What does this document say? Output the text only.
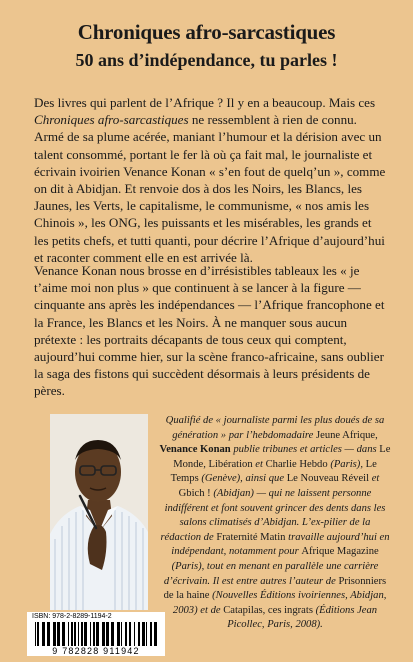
Chroniques afro-sarcastiques
50 ans d’indépendance, tu parles !

Des livres qui parlent de l’Afrique ? Il y en a beaucoup. Mais ces Chroniques afro-sarcastiques ne ressemblent à rien de connu. Armé de sa plume acérée, maniant l’humour et la dérision avec un talent consommé, portant le fer là où ça fait mal, le journaliste et écrivain ivoirien Venance Konan « s’en fout de quelq’un », comme on dit à Abidjan. Et renvoie dos à dos les Noirs, les Blancs, les Jaunes, les Verts, le capitalisme, le communisme, « nos amis les Chinois », les ONG, les puissants et les misérables, les grands et les petits chefs, et tutti quanti, pour décrire l’Afrique d’aujourd’hui et raconter comment elle en est arrivée là.

Venance Konan nous brosse en d’irrésistibles tableaux les « je t’aime moi non plus » que continuent à se lancer à la figure — cinquante ans après les indépendances — l’Afrique francophone et la France, les Blancs et les Noirs. À ne manquer sous aucun prétexte : les portraits décapants de tous ceux qui comptent, aujourd’hui comme hier, sur la scène franco-africaine, sans oublier la saga des fistons qui succèdent désormais à leurs présidents de pères.

Qualifié de « journaliste parmi les plus doués de sa génération » par l’hebdomadaire Jeune Afrique, Venance Konan publie tribunes et articles — dans Le Monde, Libération et Charlie Hebdo (Paris), Le Temps (Genève), ainsi que Le Nouveau Réveil et Gbich ! (Abidjan) — qui ne laissent personne indifférent et font souvent grincer des dents dans les salons climatisés d’Abidjan. L’ex-pilier de la rédaction de Fraternité Matin travaille aujourd’hui en indépendant, notamment pour Afrique Magazine (Paris), tout en menant en parallèle une carrière d’écrivain. Il est entre autres l’auteur de Prisonniers de la haine (Nouvelles Éditions ivoiriennes, Abidjan, 2003) et de Catapilas, ces ingrats (Éditions Jean Picollec, Paris, 2008).

ISBN: 978-2-8289-1194-2
9 782828 911942
